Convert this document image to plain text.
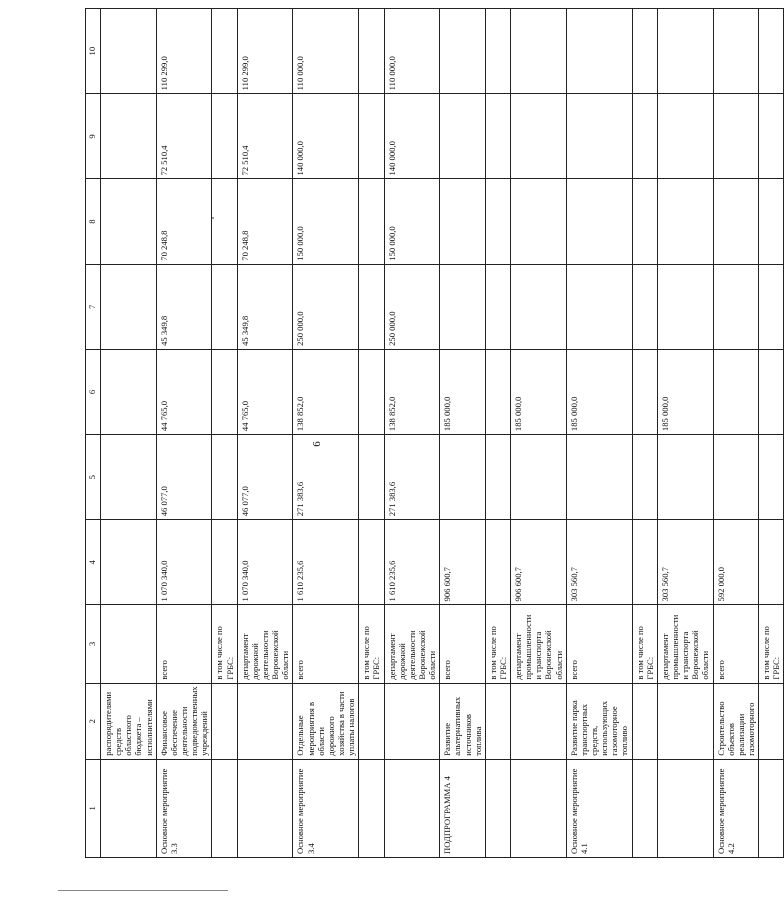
6
1	2	3	4	5	6	7	8	9	10
	распорядителями средств областного бюджета – исполнителями								
Основное мероприятие 3.3	Финансовое обеспечение деятельности подведомственных учреждений	всего	1 070 340,0	46 077,0	44 765,0	45 349,8	70 248,8	72 510,4	110 299,0
		в том числе по ГРБС:							
		департамент дорожной деятельности Воронежской области	1 070 340,0	46 077,0	44 765,0	45 349,8	70 248,8	72 510,4	110 299,0
Основное мероприятие 3.4	Отдельные мероприятия в области дорожного хозяйства в части уплаты налогов	всего	1 610 235,6	271 383,6	138 852,0	250 000,0	150 000,0	140 000,0	110 000,0
		в том числе по ГРБС:							
		департамент дорожной деятельности Воронежской области	1 610 235,6	271 383,6	138 852,0	250 000,0	150 000,0	140 000,0	110 000,0
ПОДПРОГРАММА 4	Развитие альтернативных источников топлива	всего	906 600,7		185 000,0				
		в том числе по ГРБС:							
		департамент промышленности и транспорта Воронежской области	906 600,7		185 000,0				
Основное мероприятие 4.1	Развитие парка транспортных средств, использующих газомоторное топливо	всего	303 560,7		185 000,0				
		в том числе по ГРБС:							
		департамент промышленности и транспорта Воронежской области	303 560,7		185 000,0				
Основное мероприятие 4.2	Строительство объектов реализации газомоторного	всего	592 000,0						
		в том числе по ГРБС:							
